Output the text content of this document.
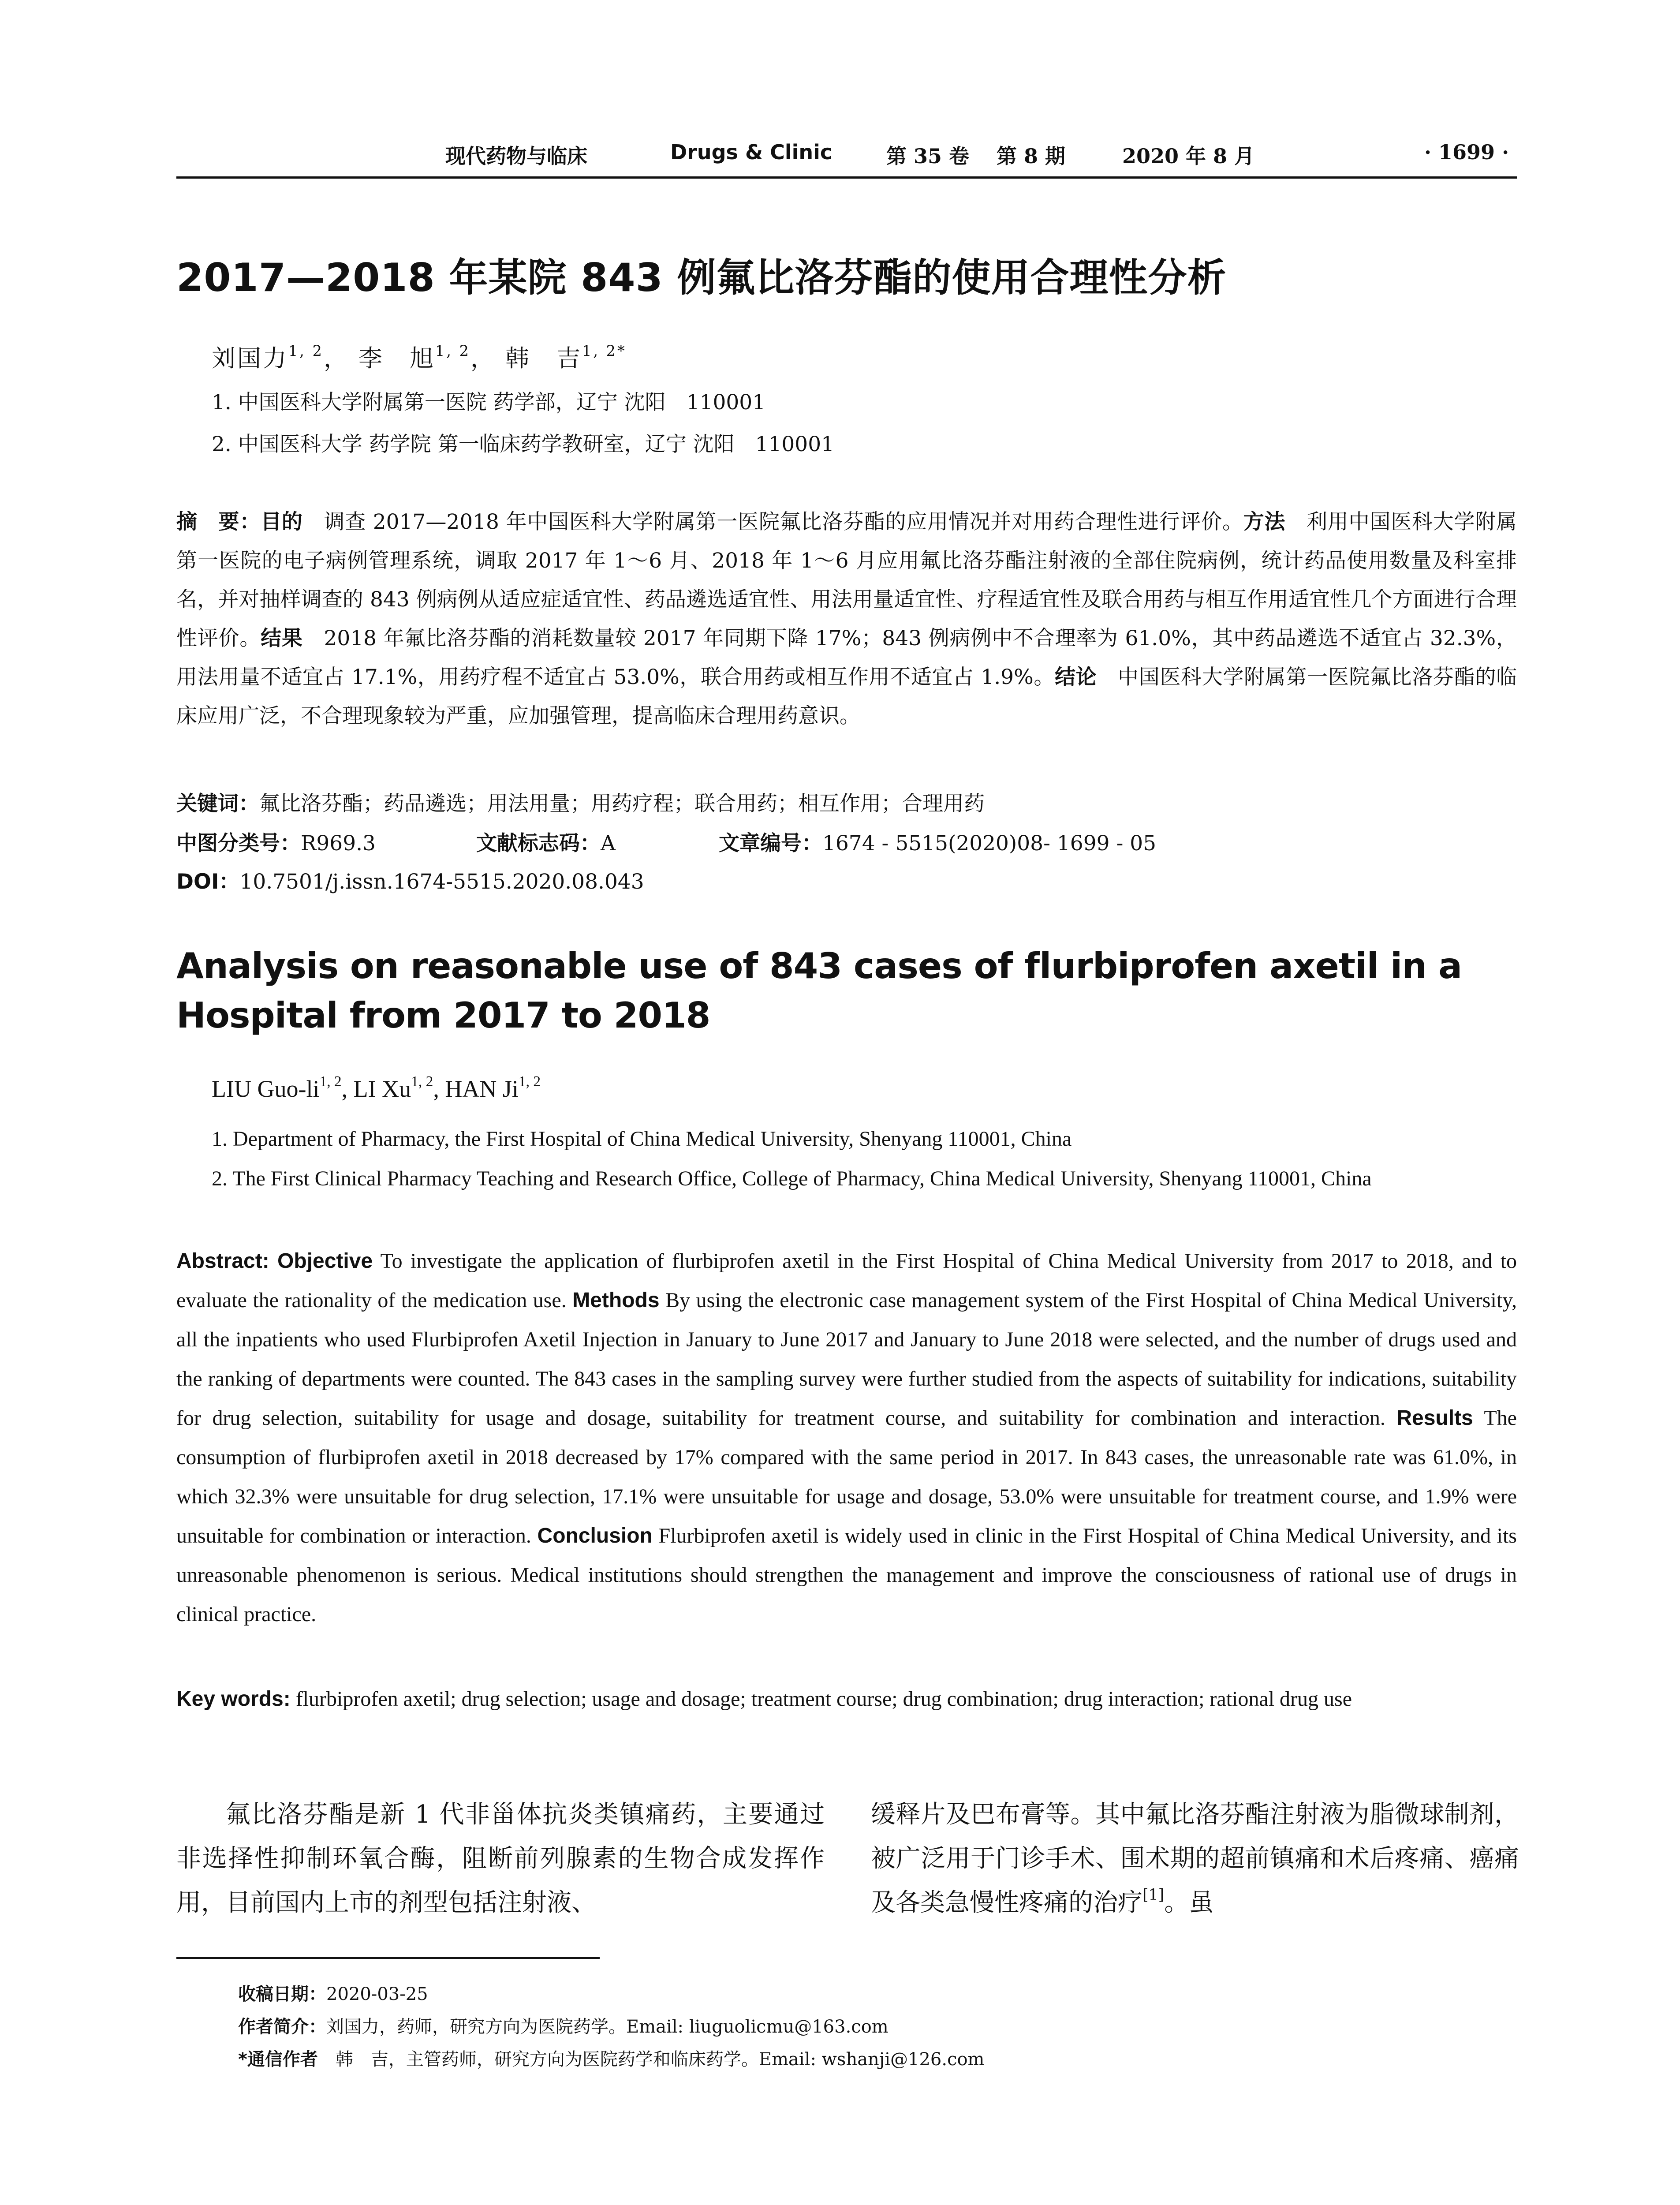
现代药物与临床	Drugs & Clinic	第 35 卷 第 8 期	2020 年 8 月	· 1699 ·
2017—2018 年某院 843 例氟比洛芬酯的使用合理性分析
刘国力$^{1, 2}$， 李　旭$^{1, 2}$， 韩　吉$^{1, 2*}$
1. 中国医科大学附属第一医院 药学部，辽宁 沈阳　110001
2. 中国医科大学 药学院 第一临床药学教研室，辽宁 沈阳　110001
摘　要：目的　调查 2017—2018 年中国医科大学附属第一医院氟比洛芬酯的应用情况并对用药合理性进行评价。方法　利用中国医科大学附属第一医院的电子病例管理系统，调取 2017 年 1～6 月、2018 年 1～6 月应用氟比洛芬酯注射液的全部住院病例，统计药品使用数量及科室排名，并对抽样调查的 843 例病例从适应症适宜性、药品遴选适宜性、用法用量适宜性、疗程适宜性及联合用药与相互作用适宜性几个方面进行合理性评价。结果　2018 年氟比洛芬酯的消耗数量较 2017 年同期下降 17%；843 例病例中不合理率为 61.0%，其中药品遴选不适宜占 32.3%，用法用量不适宜占 17.1%，用药疗程不适宜占 53.0%，联合用药或相互作用不适宜占 1.9%。结论　中国医科大学附属第一医院氟比洛芬酯的临床应用广泛，不合理现象较为严重，应加强管理，提高临床合理用药意识。
关键词：氟比洛芬酯；药品遴选；用法用量；用药疗程；联合用药；相互作用；合理用药
中图分类号：R969.3	文献标志码：A	文章编号：1674 - 5515(2020)08- 1699 - 05
DOI：10.7501/j.issn.1674-5515.2020.08.043
Analysis on reasonable use of 843 cases of flurbiprofen axetil in a Hospital from 2017 to 2018
LIU Guo-li$^{1, 2}$, LI Xu$^{1, 2}$, HAN Ji$^{1, 2}$
1. Department of Pharmacy, the First Hospital of China Medical University, Shenyang 110001, China
2. The First Clinical Pharmacy Teaching and Research Office, College of Pharmacy, China Medical University, Shenyang 110001, China
Abstract: Objective To investigate the application of flurbiprofen axetil in the First Hospital of China Medical University from 2017 to 2018, and to evaluate the rationality of the medication use. Methods By using the electronic case management system of the First Hospital of China Medical University, all the inpatients who used Flurbiprofen Axetil Injection in January to June 2017 and January to June 2018 were selected, and the number of drugs used and the ranking of departments were counted. The 843 cases in the sampling survey were further studied from the aspects of suitability for indications, suitability for drug selection, suitability for usage and dosage, suitability for treatment course, and suitability for combination and interaction. Results The consumption of flurbiprofen axetil in 2018 decreased by 17% compared with the same period in 2017. In 843 cases, the unreasonable rate was 61.0%, in which 32.3% were unsuitable for drug selection, 17.1% were unsuitable for usage and dosage, 53.0% were unsuitable for treatment course, and 1.9% were unsuitable for combination or interaction. Conclusion Flurbiprofen axetil is widely used in clinic in the First Hospital of China Medical University, and its unreasonable phenomenon is serious. Medical institutions should strengthen the management and improve the consciousness of rational use of drugs in clinical practice.
Key words: flurbiprofen axetil; drug selection; usage and dosage; treatment course; drug combination; drug interaction; rational drug use
氟比洛芬酯是新 1 代非甾体抗炎类镇痛药，主要通过非选择性抑制环氧合酶，阻断前列腺素的生物合成发挥作用，目前国内上市的剂型包括注射液、
缓释片及巴布膏等。其中氟比洛芬酯注射液为脂微球制剂，被广泛用于门诊手术、围术期的超前镇痛和术后疼痛、癌痛及各类急慢性疼痛的治疗[1]。虽
收稿日期：2020-03-25
作者简介：刘国力，药师，研究方向为医院药学。Email: liuguolicmu@163.com
*通信作者　韩　吉，主管药师，研究方向为医院药学和临床药学。Email: wshanji@126.com
